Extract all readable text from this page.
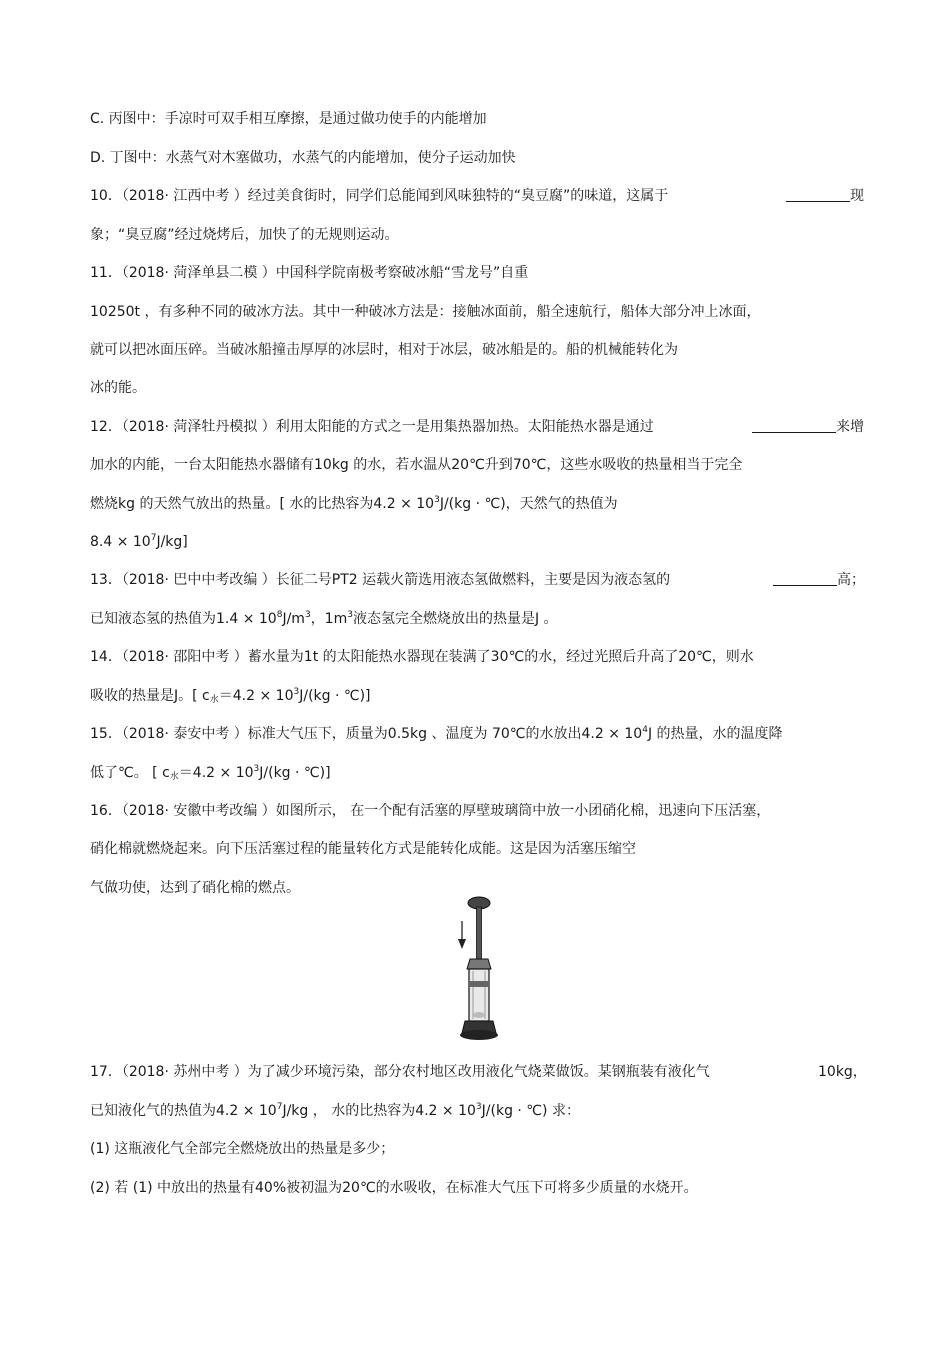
C. 丙图中：手凉时可双手相互摩擦，是通过做功使手的内能增加
D. 丁图中：水蒸气对木塞做功，水蒸气的内能增加，使分子运动加快
10．（2018· 江西中考 ）经过美食街时，同学们总能闻到风味独特的“臭豆腐”的味道，这属于	现
象；“臭豆腐”经过烧烤后，加快了的无规则运动。
11．（2018· 菏泽单县二模 ）中国科学院南极考察破冰船“雪龙号”自重
10250t ，有多种不同的破冰方法。其中一种破冰方法是：接触冰面前，船全速航行，船体大部分冲上冰面，
就可以把冰面压碎。当破冰船撞击厚厚的冰层时，相对于冰层，破冰船是的。船的机械能转化为
冰的能。
12．（2018· 菏泽牡丹模拟 ）利用太阳能的方式之一是用集热器加热。太阳能热水器是通过	来增
加水的内能，一台太阳能热水器储有10kg 的水，若水温从20℃升到70℃，这些水吸收的热量相当于完全
燃烧kg 的天然气放出的热量。[ 水的比热容为$4.2 \times 10^3J/(kg$ · ℃)，天然气的热值为
$8.4 \times 10^7J/kg$]
13．（2018· 巴中中考改编 ）长征二号PT2 运载火箭选用液态氢做燃料，主要是因为液态氢的	高；
已知液态氢的热值为$1.4 \times 10^8J/m^3$，$1m^3$液态氢完全燃烧放出的热量是J 。
14．（2018· 邵阳中考 ）蓄水量为1t 的太阳能热水器现在装满了30℃的水，经过光照后升高了20℃，则水
吸收的热量是J。[ $c_水=4.2 \times 10^3J/(kg$ · ℃)]
15．（2018· 泰安中考 ）标准大气压下，质量为0.5kg 、温度为 70℃的水放出$4.2 \times 10^4J$ 的热量，水的温度降
低了℃。 [ $c_水=4.2 \times 10^3J/(kg$ · ℃)]
16．（2018· 安徽中考改编 ）如图所示， 在一个配有活塞的厚壁玻璃筒中放一小团硝化棉，迅速向下压活塞，
硝化棉就燃烧起来。向下压活塞过程的能量转化方式是能转化成能。这是因为活塞压缩空
气做功使，达到了硝化棉的燃点。
17．（2018· 苏州中考 ）为了减少环境污染，部分农村地区改用液化气烧菜做饭。某钢瓶装有液化气	10kg，
已知液化气的热值为$4.2 \times 10^7J/kg$ ， 水的比热容为$4.2 \times 10^3J/(kg$ · ℃) 求：
(1) 这瓶液化气全部完全燃烧放出的热量是多少；
(2) 若 (1) 中放出的热量有40%被初温为20℃的水吸收，在标准大气压下可将多少质量的水烧开。
